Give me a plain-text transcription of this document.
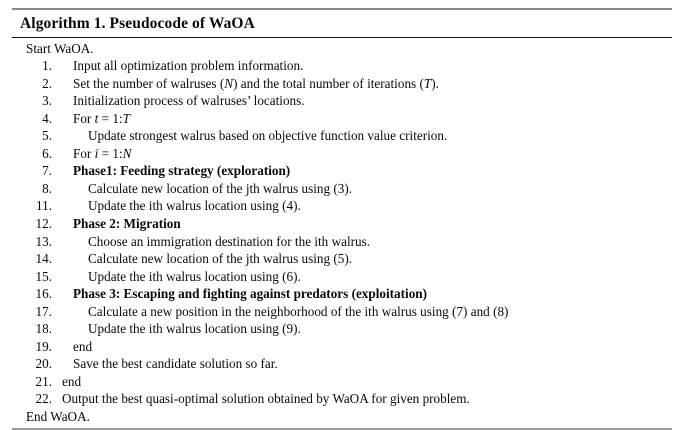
Algorithm 1. Pseudocode of WaOA
Start WaOA.
1. Input all optimization problem information.
2. Set the number of walruses (N) and the total number of iterations (T).
3. Initialization process of walruses’ locations.
4. For t = 1:T
5.	Update strongest walrus based on objective function value criterion.
6. For i = 1:N
7. Phase1: Feeding strategy (exploration)
8.	Calculate new location of the jth walrus using (3).
11.	Update the ith walrus location using (4).
12. Phase 2: Migration
13.	Choose an immigration destination for the ith walrus.
14.	Calculate new location of the jth walrus using (5).
15.	Update the ith walrus location using (6).
16. Phase 3: Escaping and fighting against predators (exploitation)
17.	Calculate a new position in the neighborhood of the ith walrus using (7) and (8)
18.	Update the ith walrus location using (9).
19. end
20. Save the best candidate solution so far.
21. end
22. Output the best quasi-optimal solution obtained by WaOA for given problem.
End WaOA.
